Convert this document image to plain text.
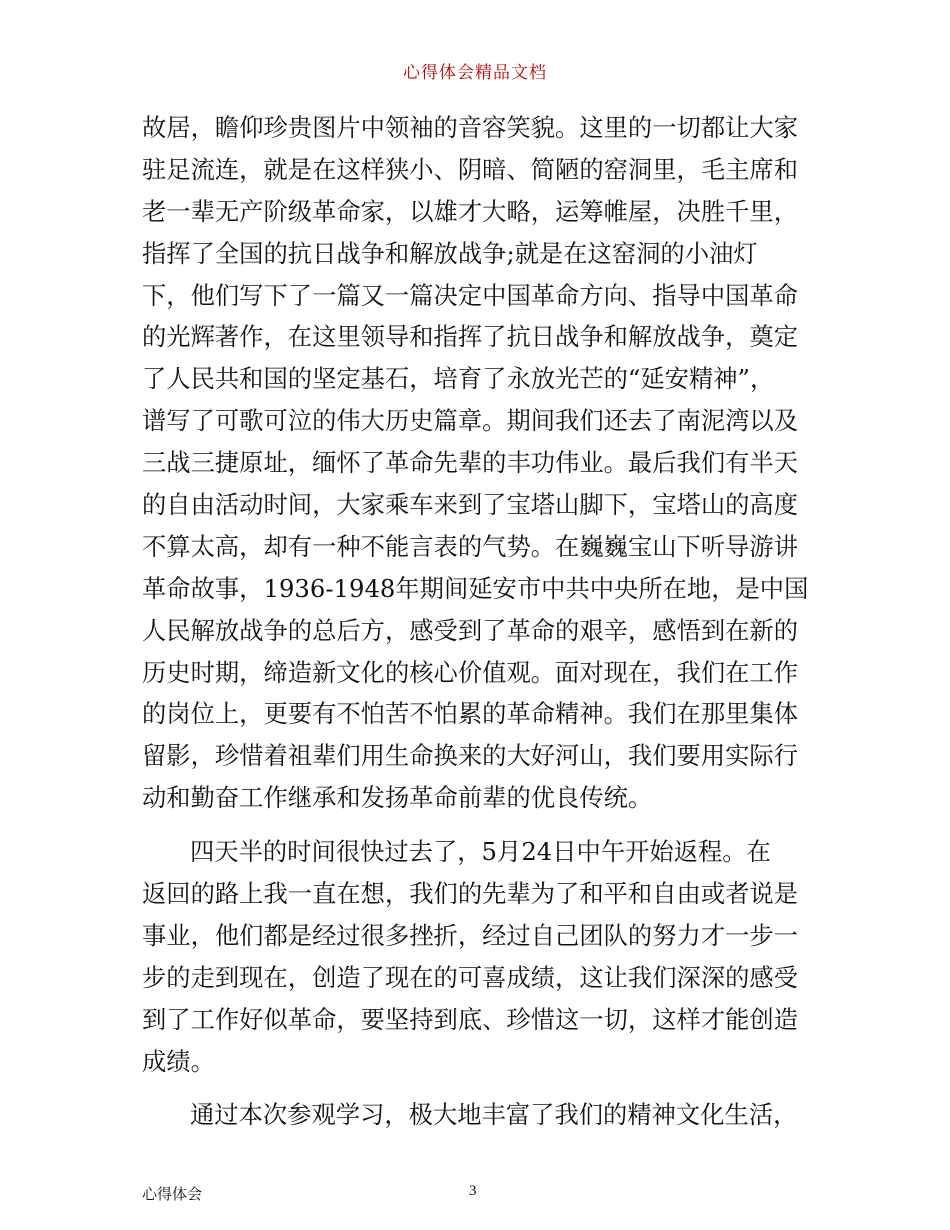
心得体会精品文档
故居，瞻仰珍贵图片中领袖的音容笑貌。这里的一切都让大家
驻足流连，就是在这样狭小、阴暗、简陋的窑洞里，毛主席和
老一辈无产阶级革命家，以雄才大略，运筹帷屋，决胜千里，
指挥了全国的抗日战争和解放战争;就是在这窑洞的小油灯
下，他们写下了一篇又一篇决定中国革命方向、指导中国革命
的光辉著作，在这里领导和指挥了抗日战争和解放战争，奠定
了人民共和国的坚定基石，培育了永放光芒的“延安精神”，
谱写了可歌可泣的伟大历史篇章。期间我们还去了南泥湾以及
三战三捷原址，缅怀了革命先辈的丰功伟业。最后我们有半天
的自由活动时间，大家乘车来到了宝塔山脚下，宝塔山的高度
不算太高，却有一种不能言表的气势。在巍巍宝山下听导游讲
革命故事，1936-1948年期间延安市中共中央所在地，是中国
人民解放战争的总后方，感受到了革命的艰辛，感悟到在新的
历史时期，缔造新文化的核心价值观。面对现在，我们在工作
的岗位上，更要有不怕苦不怕累的革命精神。我们在那里集体
留影，珍惜着祖辈们用生命换来的大好河山，我们要用实际行
动和勤奋工作继承和发扬革命前辈的优良传统。
四天半的时间很快过去了，5月24日中午开始返程。在
返回的路上我一直在想，我们的先辈为了和平和自由或者说是
事业，他们都是经过很多挫折，经过自己团队的努力才一步一
步的走到现在，创造了现在的可喜成绩，这让我们深深的感受
到了工作好似革命，要坚持到底、珍惜这一切，这样才能创造
成绩。
通过本次参观学习，极大地丰富了我们的精神文化生活，
心得体会	3
